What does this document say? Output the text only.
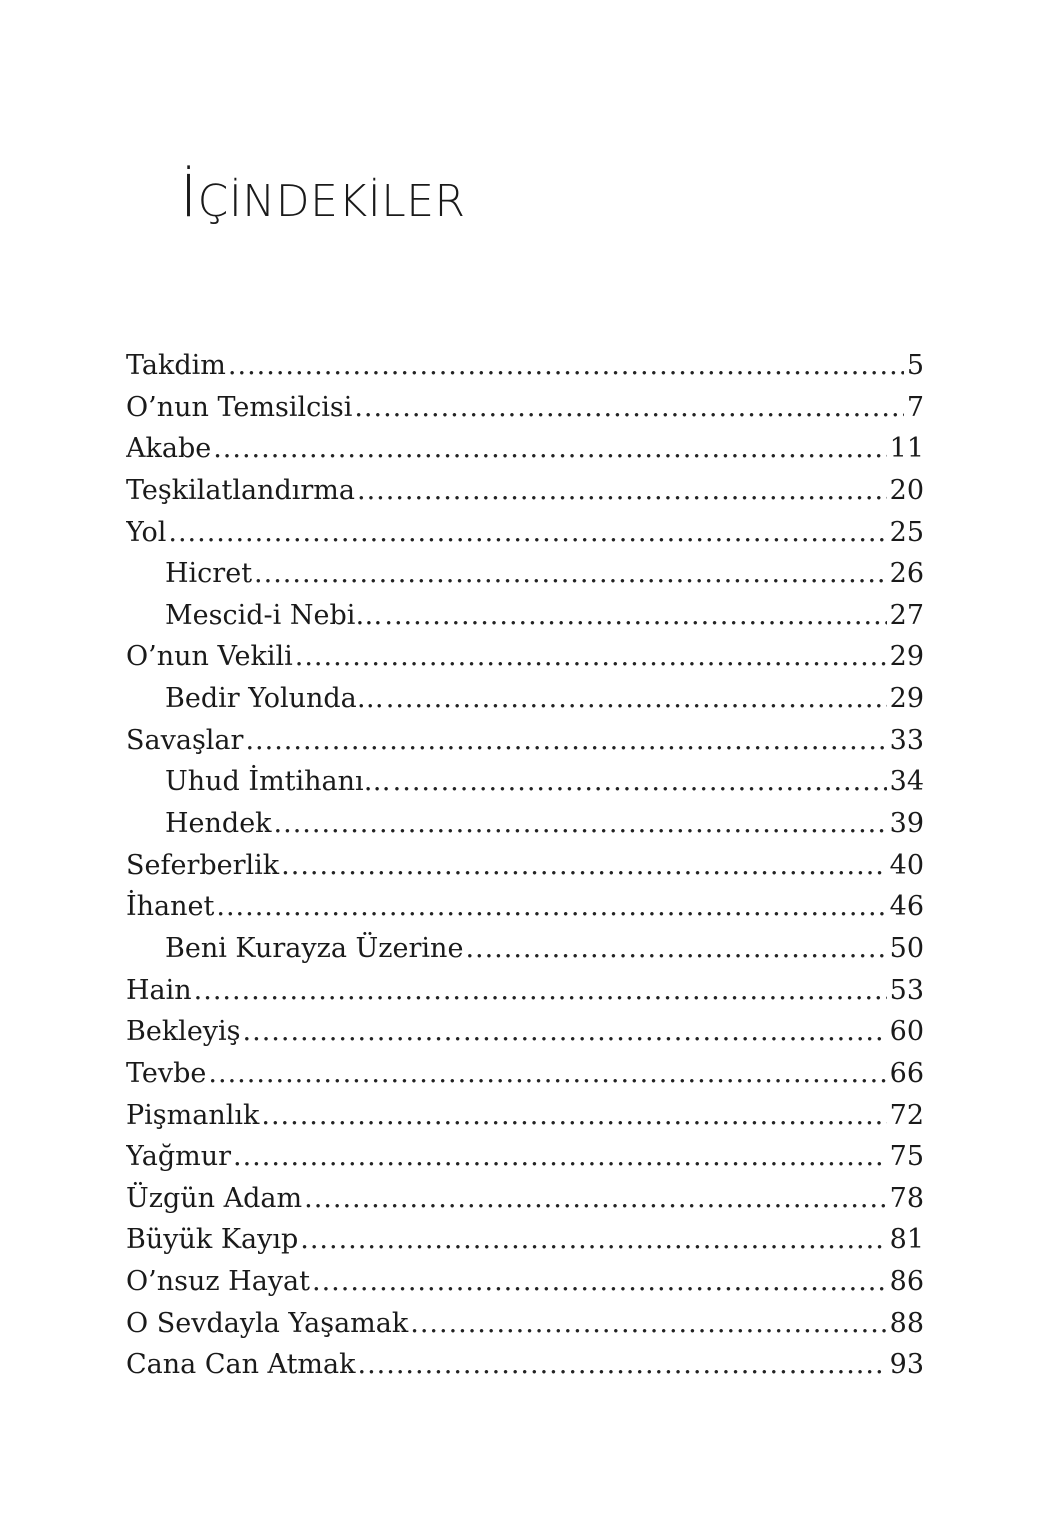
İÇİNDEKİLER
Takdim .....	5
O’nun Temsilcisi .....	7
Akabe .....	11
Teşkilatlandırma .....	20
Yol .....	25
Hicret .....	26
Mescid-i Nebi… .....	27
O’nun Vekili .....	29
Bedir Yolunda… .....	29
Savaşlar .....	33
Uhud İmtihanı… .....	34
Hendek .....	39
Seferberlik .....	40
İhanet .....	46
Beni Kurayza Üzerine .....	50
Hain .....	53
Bekleyiş .....	60
Tevbe .....	66
Pişmanlık .....	72
Yağmur .....	75
Üzgün Adam .....	78
Büyük Kayıp .....	81
O’nsuz Hayat .....	86
O Sevdayla Yaşamak .....	88
Cana Can Atmak .....	93
